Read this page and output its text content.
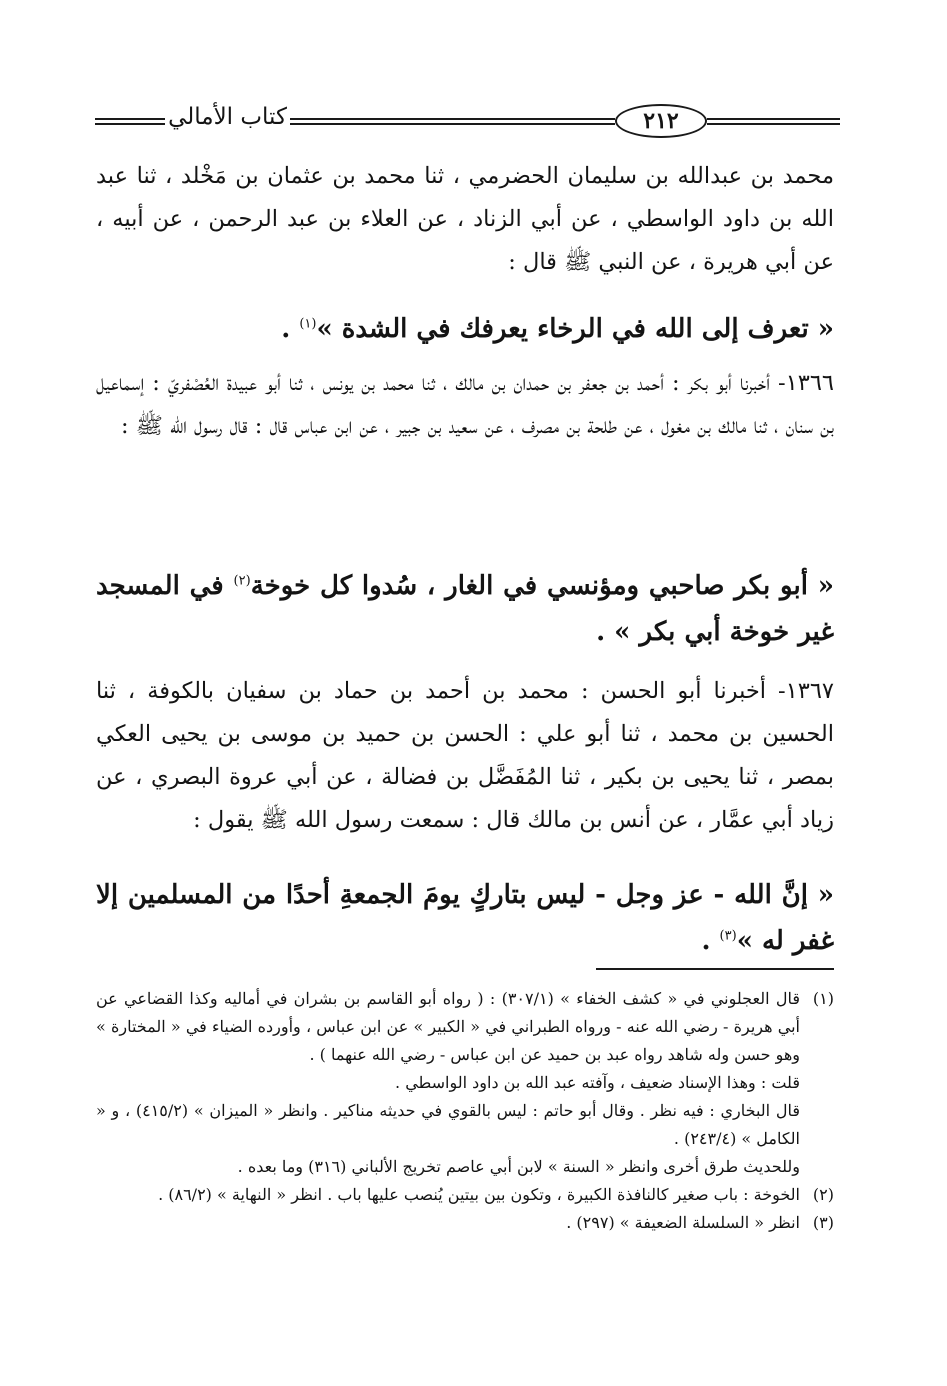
كتاب الأمالي	٢١٢

محمد بن عبدالله بن سليمان الحضرمي ، ثنا محمد بن عثمان بن مَخْلد ، ثنا عبد الله بن داود الواسطي ، عن أبي الزناد ، عن العلاء بن عبد الرحمن ، عن أبيه ، عن أبي هريرة ، عن النبي ﷺ قال :

« تعرف إلى الله في الرخاء يعرفك في الشدة »$^{(١)}$ .

١٣٦٦- أخبرنا أبو بكر : أحمد بن جعفر بن حمدان بن مالك ، ثنا محمد بن يونس ، ثنا أبو عبيدة العُصْفريّ : إسماعيل بن سنان ، ثنا مالك بن مغول ، عن طلحة بن مصرف ، عن سعيد بن جبير ، عن ابن عباس قال : قال رسول الله ﷺ :

« أبو بكر صاحبي ومؤنسي في الغار ، سُدوا كل خوخة$^{(٢)}$ في المسجد غير خوخة أبي بكر » .

١٣٦٧- أخبرنا أبو الحسن : محمد بن أحمد بن حماد بن سفيان بالكوفة ، ثنا الحسين بن محمد ، ثنا أبو علي : الحسن بن حميد بن موسى بن يحيى العكي بمصر ، ثنا يحيى بن بكير ، ثنا المُفَضَّل بن فضالة ، عن أبي عروة البصري ، عن زياد أبي عمَّار ، عن أنس بن مالك قال : سمعت رسول الله ﷺ يقول :

« إنَّ الله - عز وجل - ليس بتاركٍ يومَ الجمعةِ أحدًا من المسلمين إلا غفر له »$^{(٣)}$ .

(١)
قال العجلوني في « كشف الخفاء » (٣٠٧/١) : ( رواه أبو القاسم بن بشران في أماليه وكذا القضاعي عن أبي هريرة - رضي الله عنه - ورواه الطبراني في « الكبير » عن ابن عباس ، وأورده الضياء في « المختارة » وهو حسن وله شاهد رواه عبد بن حميد عن ابن عباس - رضي الله عنهما ) .

قلت : وهذا الإسناد ضعيف ، وآفته عبد الله بن داود الواسطي .

قال البخاري : فيه نظر . وقال أبو حاتم : ليس بالقوي في حديثه مناكير . وانظر « الميزان » (٤١٥/٢) ، و « الكامل » (٢٤٣/٤) .

وللحديث طرق أخرى وانظر « السنة » لابن أبي عاصم تخريج الألباني (٣١٦) وما بعده .

(٢)
الخوخة : باب صغير كالنافذة الكبيرة ، وتكون بين بيتين يُنصب عليها باب . انظر « النهاية » (٨٦/٢) .
(٣)
انظر « السلسلة الضعيفة » (٢٩٧) .
